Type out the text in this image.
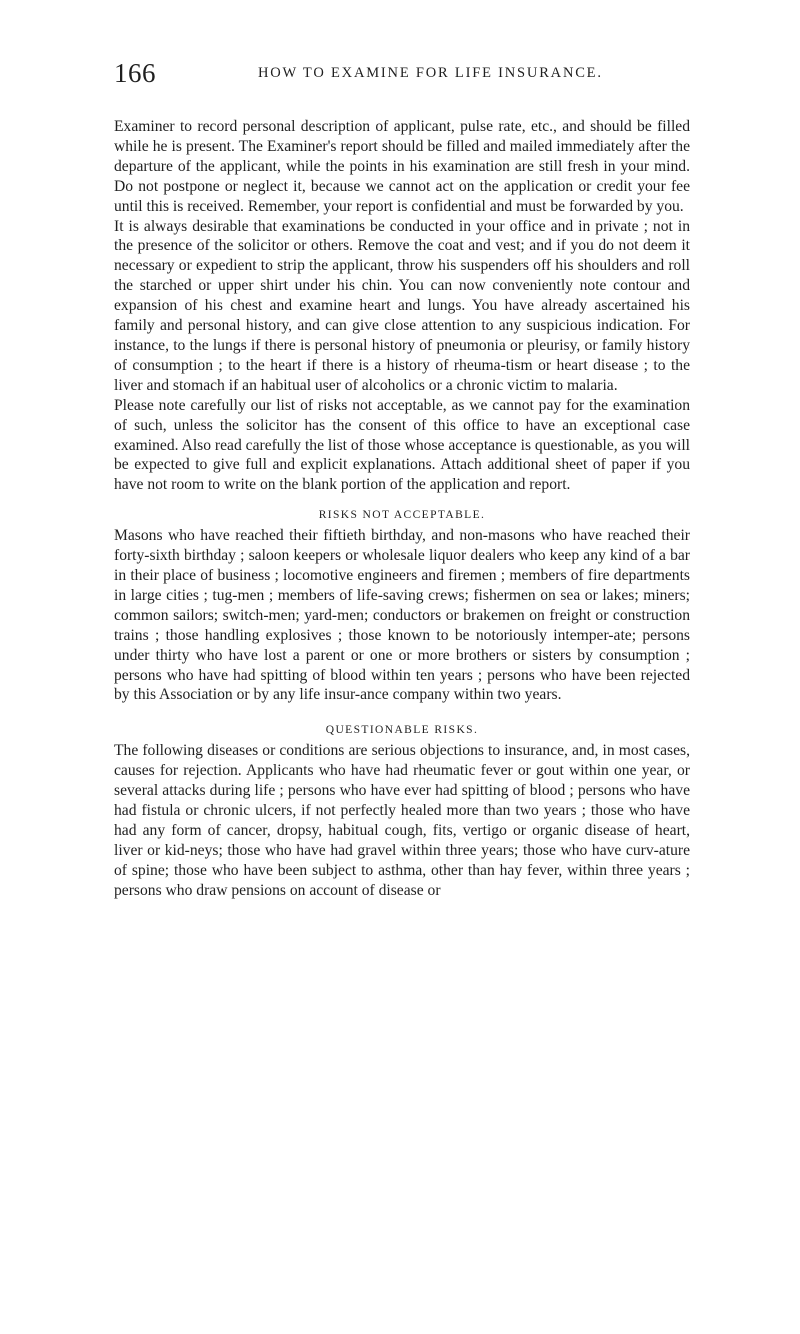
166	HOW TO EXAMINE FOR LIFE INSURANCE.

Examiner to record personal description of applicant, pulse rate, etc., and should be filled while he is present. The Examiner's report should be filled and mailed immediately after the departure of the applicant, while the points in his examination are still fresh in your mind. Do not postpone or neglect it, because we cannot act on the application or credit your fee until this is received. Remember, your report is confidential and must be forwarded by you.

It is always desirable that examinations be conducted in your office and in private ; not in the presence of the solicitor or others. Remove the coat and vest; and if you do not deem it necessary or expedient to strip the applicant, throw his suspenders off his shoulders and roll the starched or upper shirt under his chin. You can now conveniently note contour and expansion of his chest and examine heart and lungs. You have already ascertained his family and personal history, and can give close attention to any suspicious indication. For instance, to the lungs if there is personal history of pneumonia or pleurisy, or family history of consumption ; to the heart if there is a history of rheuma-tism or heart disease ; to the liver and stomach if an habitual user of alcoholics or a chronic victim to malaria.

Please note carefully our list of risks not acceptable, as we cannot pay for the examination of such, unless the solicitor has the consent of this office to have an exceptional case examined. Also read carefully the list of those whose acceptance is questionable, as you will be expected to give full and explicit explanations. Attach additional sheet of paper if you have not room to write on the blank portion of the application and report.

RISKS NOT ACCEPTABLE.

Masons who have reached their fiftieth birthday, and non-masons who have reached their forty-sixth birthday ; saloon keepers or wholesale liquor dealers who keep any kind of a bar in their place of business ; locomotive engineers and firemen ; members of fire departments in large cities ; tug-men ; members of life-saving crews; fishermen on sea or lakes; miners; common sailors; switch-men; yard-men; conductors or brakemen on freight or construction trains ; those handling explosives ; those known to be notoriously intemper-ate; persons under thirty who have lost a parent or one or more brothers or sisters by consumption ; persons who have had spitting of blood within ten years ; persons who have been rejected by this Association or by any life insur-ance company within two years.

QUESTIONABLE RISKS.

The following diseases or conditions are serious objections to insurance, and, in most cases, causes for rejection. Applicants who have had rheumatic fever or gout within one year, or several attacks during life ; persons who have ever had spitting of blood ; persons who have had fistula or chronic ulcers, if not perfectly healed more than two years ; those who have had any form of cancer, dropsy, habitual cough, fits, vertigo or organic disease of heart, liver or kid-neys; those who have had gravel within three years; those who have curv-ature of spine; those who have been subject to asthma, other than hay fever, within three years ; persons who draw pensions on account of disease or
